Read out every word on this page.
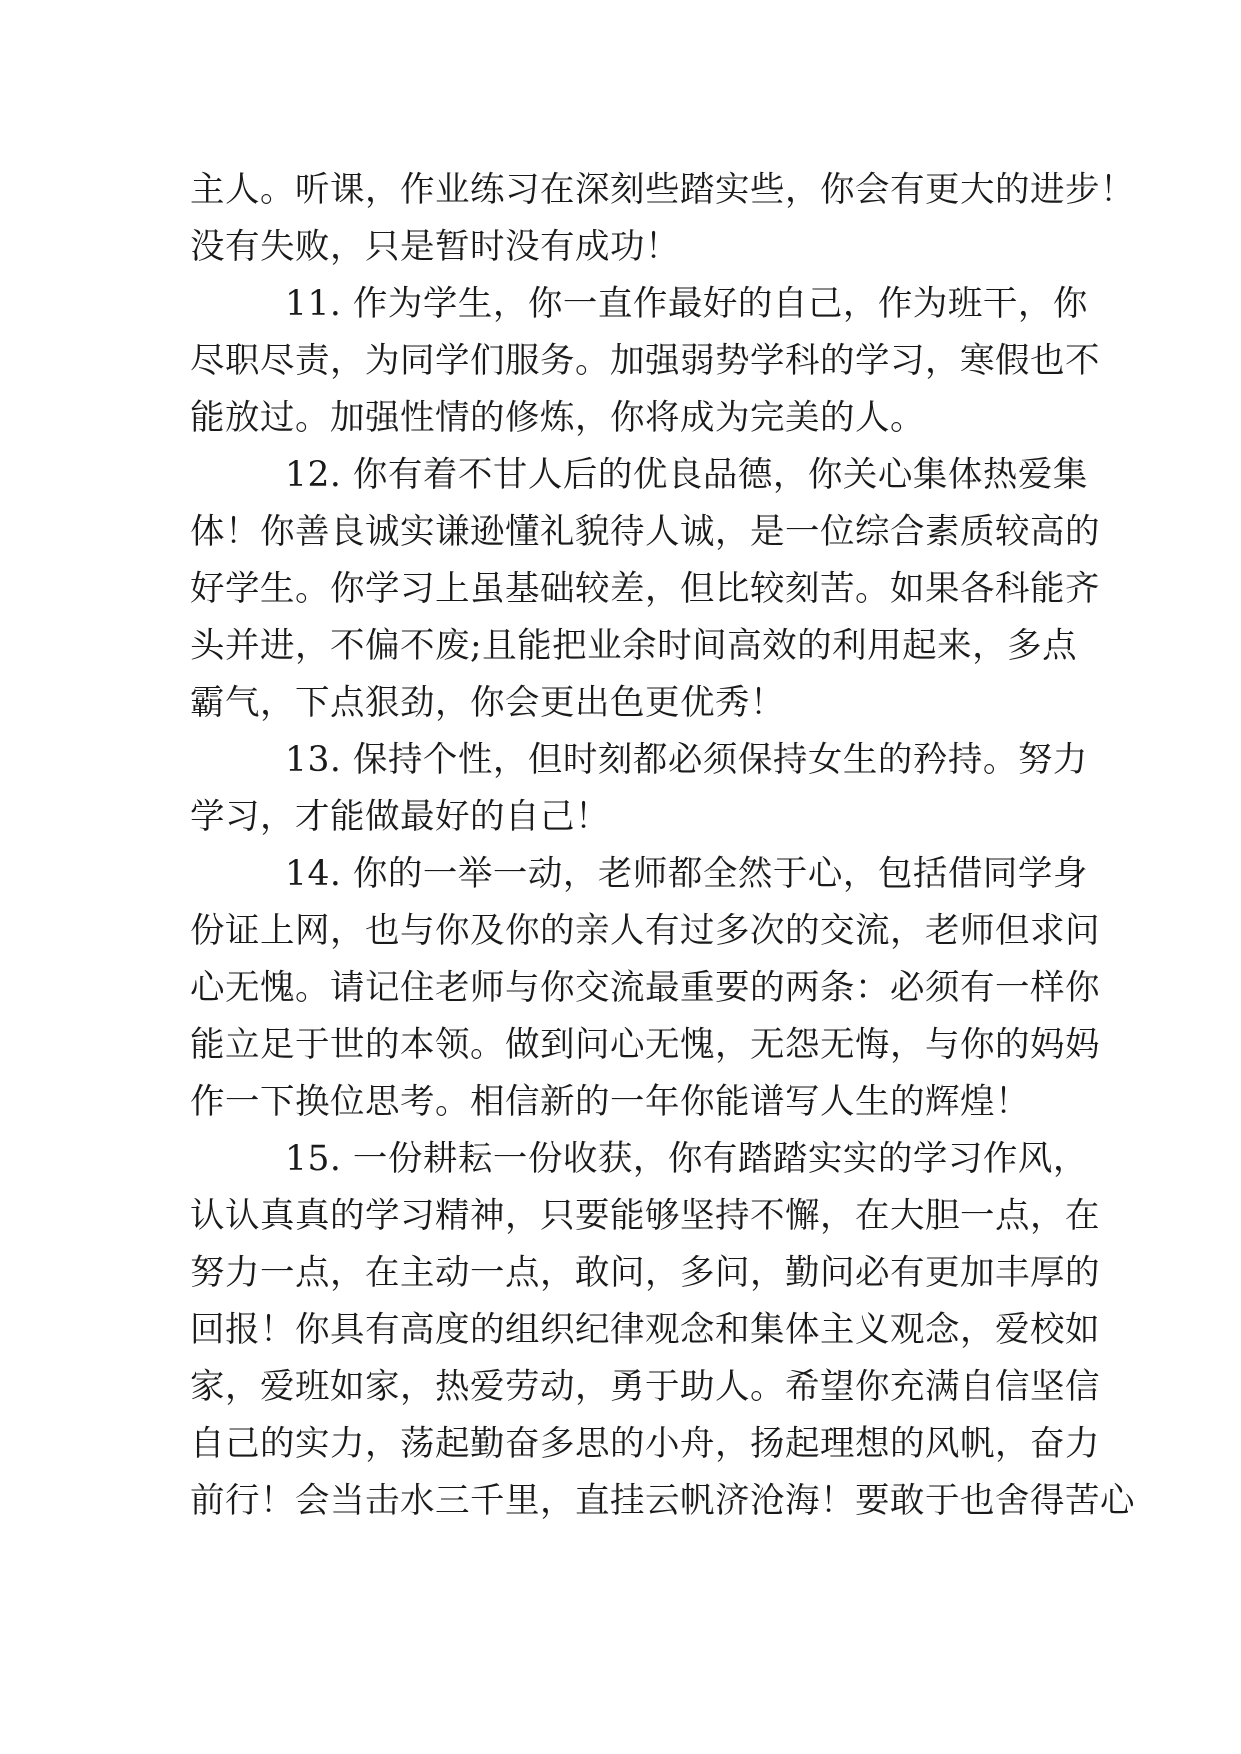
主人。听课，作业练习在深刻些踏实些，你会有更大的进步！
没有失败，只是暂时没有成功！
11. 作为学生，你一直作最好的自己，作为班干，你
尽职尽责，为同学们服务。加强弱势学科的学习，寒假也不
能放过。加强性情的修炼，你将成为完美的人。
12. 你有着不甘人后的优良品德，你关心集体热爱集
体！你善良诚实谦逊懂礼貌待人诚，是一位综合素质较高的
好学生。你学习上虽基础较差，但比较刻苦。如果各科能齐
头并进，不偏不废;且能把业余时间高效的利用起来，多点
霸气，下点狠劲，你会更出色更优秀！
13. 保持个性，但时刻都必须保持女生的矜持。努力
学习，才能做最好的自己！
14. 你的一举一动，老师都全然于心，包括借同学身
份证上网，也与你及你的亲人有过多次的交流，老师但求问
心无愧。请记住老师与你交流最重要的两条：必须有一样你
能立足于世的本领。做到问心无愧，无怨无悔，与你的妈妈
作一下换位思考。相信新的一年你能谱写人生的辉煌！
15. 一份耕耘一份收获，你有踏踏实实的学习作风，
认认真真的学习精神，只要能够坚持不懈，在大胆一点，在
努力一点，在主动一点，敢问，多问，勤问必有更加丰厚的
回报！你具有高度的组织纪律观念和集体主义观念，爱校如
家，爱班如家，热爱劳动，勇于助人。希望你充满自信坚信
自己的实力，荡起勤奋多思的小舟，扬起理想的风帆，奋力
前行！会当击水三千里，直挂云帆济沧海！要敢于也舍得苦心
